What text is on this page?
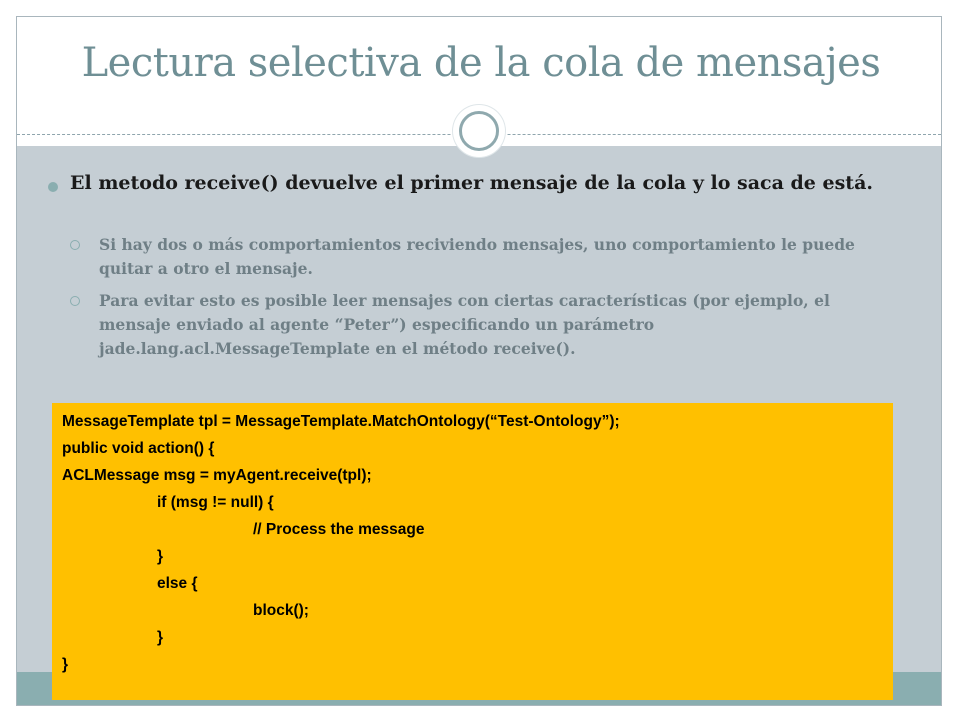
Lectura selectiva de la cola de mensajes
El metodo receive() devuelve el primer mensaje de la cola y lo saca de está.
Si hay dos o más comportamientos reciviendo mensajes, uno comportamiento le puede quitar a otro el mensaje.
Para evitar esto es posible leer mensajes con ciertas características (por ejemplo, el mensaje enviado al agente “Peter”) especificando un parámetro jade.lang.acl.MessageTemplate en el método receive().
MessageTemplate tpl = MessageTemplate.MatchOntology(“Test-Ontology”);
public void action() {
ACLMessage msg = myAgent.receive(tpl);
if (msg != null) {
// Process the message
}
else {
block();
}
}
